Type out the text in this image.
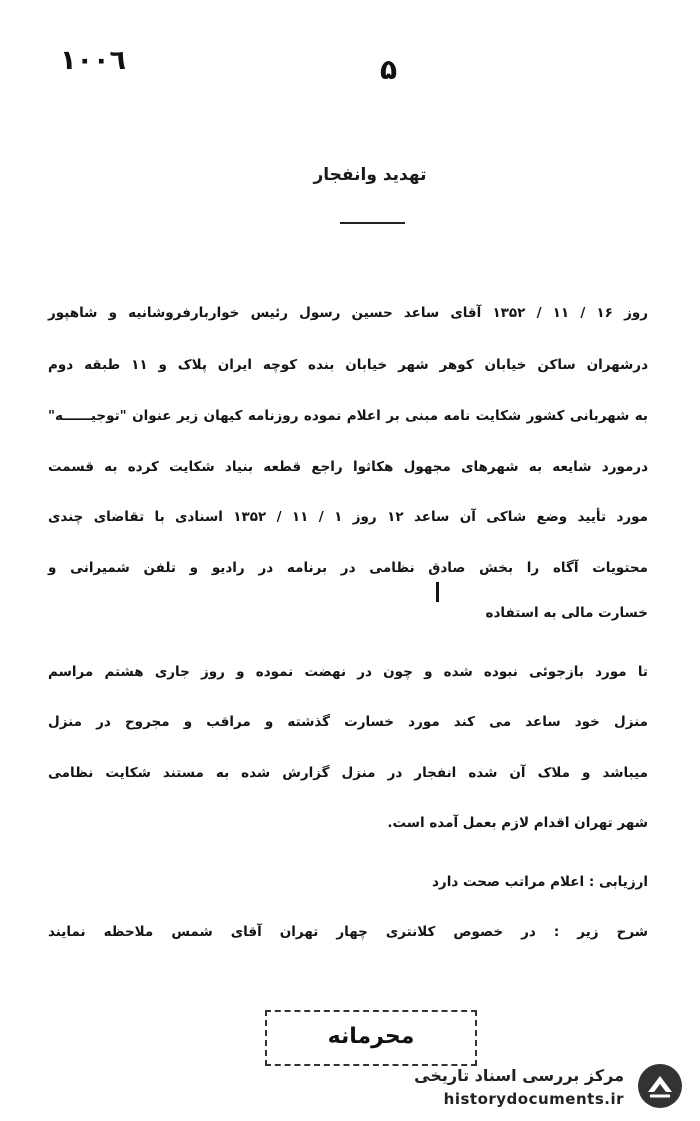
١٠٠٦	۵
تهدید وانفجار
روز ۱۶ / ۱۱ / ۱۳۵۲ آقای ساعد حسین رسول رئیس خواربارفروشانیه و شاهپور
درشهران ساکن خیابان کوهر شهر خیابان بنده کوچه ایران پلاک و ۱۱ طبقه دوم
به شهربانی کشور شکایت نامه مبنی بر اعلام نموده روزنامه کیهان زیر عنوان "توجیــــــه"
درمورد شایعه به شهرهای مجهول هکاثوا راجع قطعه بنیاد شکایت کرده به قسمت
مورد تأیید وضع شاکی آن ساعد ۱۲ روز ۱ / ۱۱ / ۱۳۵۲ اسنادی با تقاضای چندی
محتویات آگاه را بخش صادق نظامی در برنامه در رادیو و تلفن شمیرانی و
خسارت مالی به استفاده
تا مورد بازجوئی نبوده شده و چون در نهضت نموده و روز جاری هشتم مراسم
منزل خود ساعد می کند مورد خسارت گذشته و مراقب و مجروح در منزل
میباشد و ملاک آن شده انفجار در منزل گزارش شده به مستند شکایت نظامی
شهر تهران اقدام لازم بعمل آمده است.
ارزیابی : اعلام مراتب صحت دارد
شرح زیر : در خصوص کلانتری چهار تهران آقای شمس ملاحظه نمایند
محرمانه
مرکز بررسی اسناد تاریخی
historydocuments.ir
